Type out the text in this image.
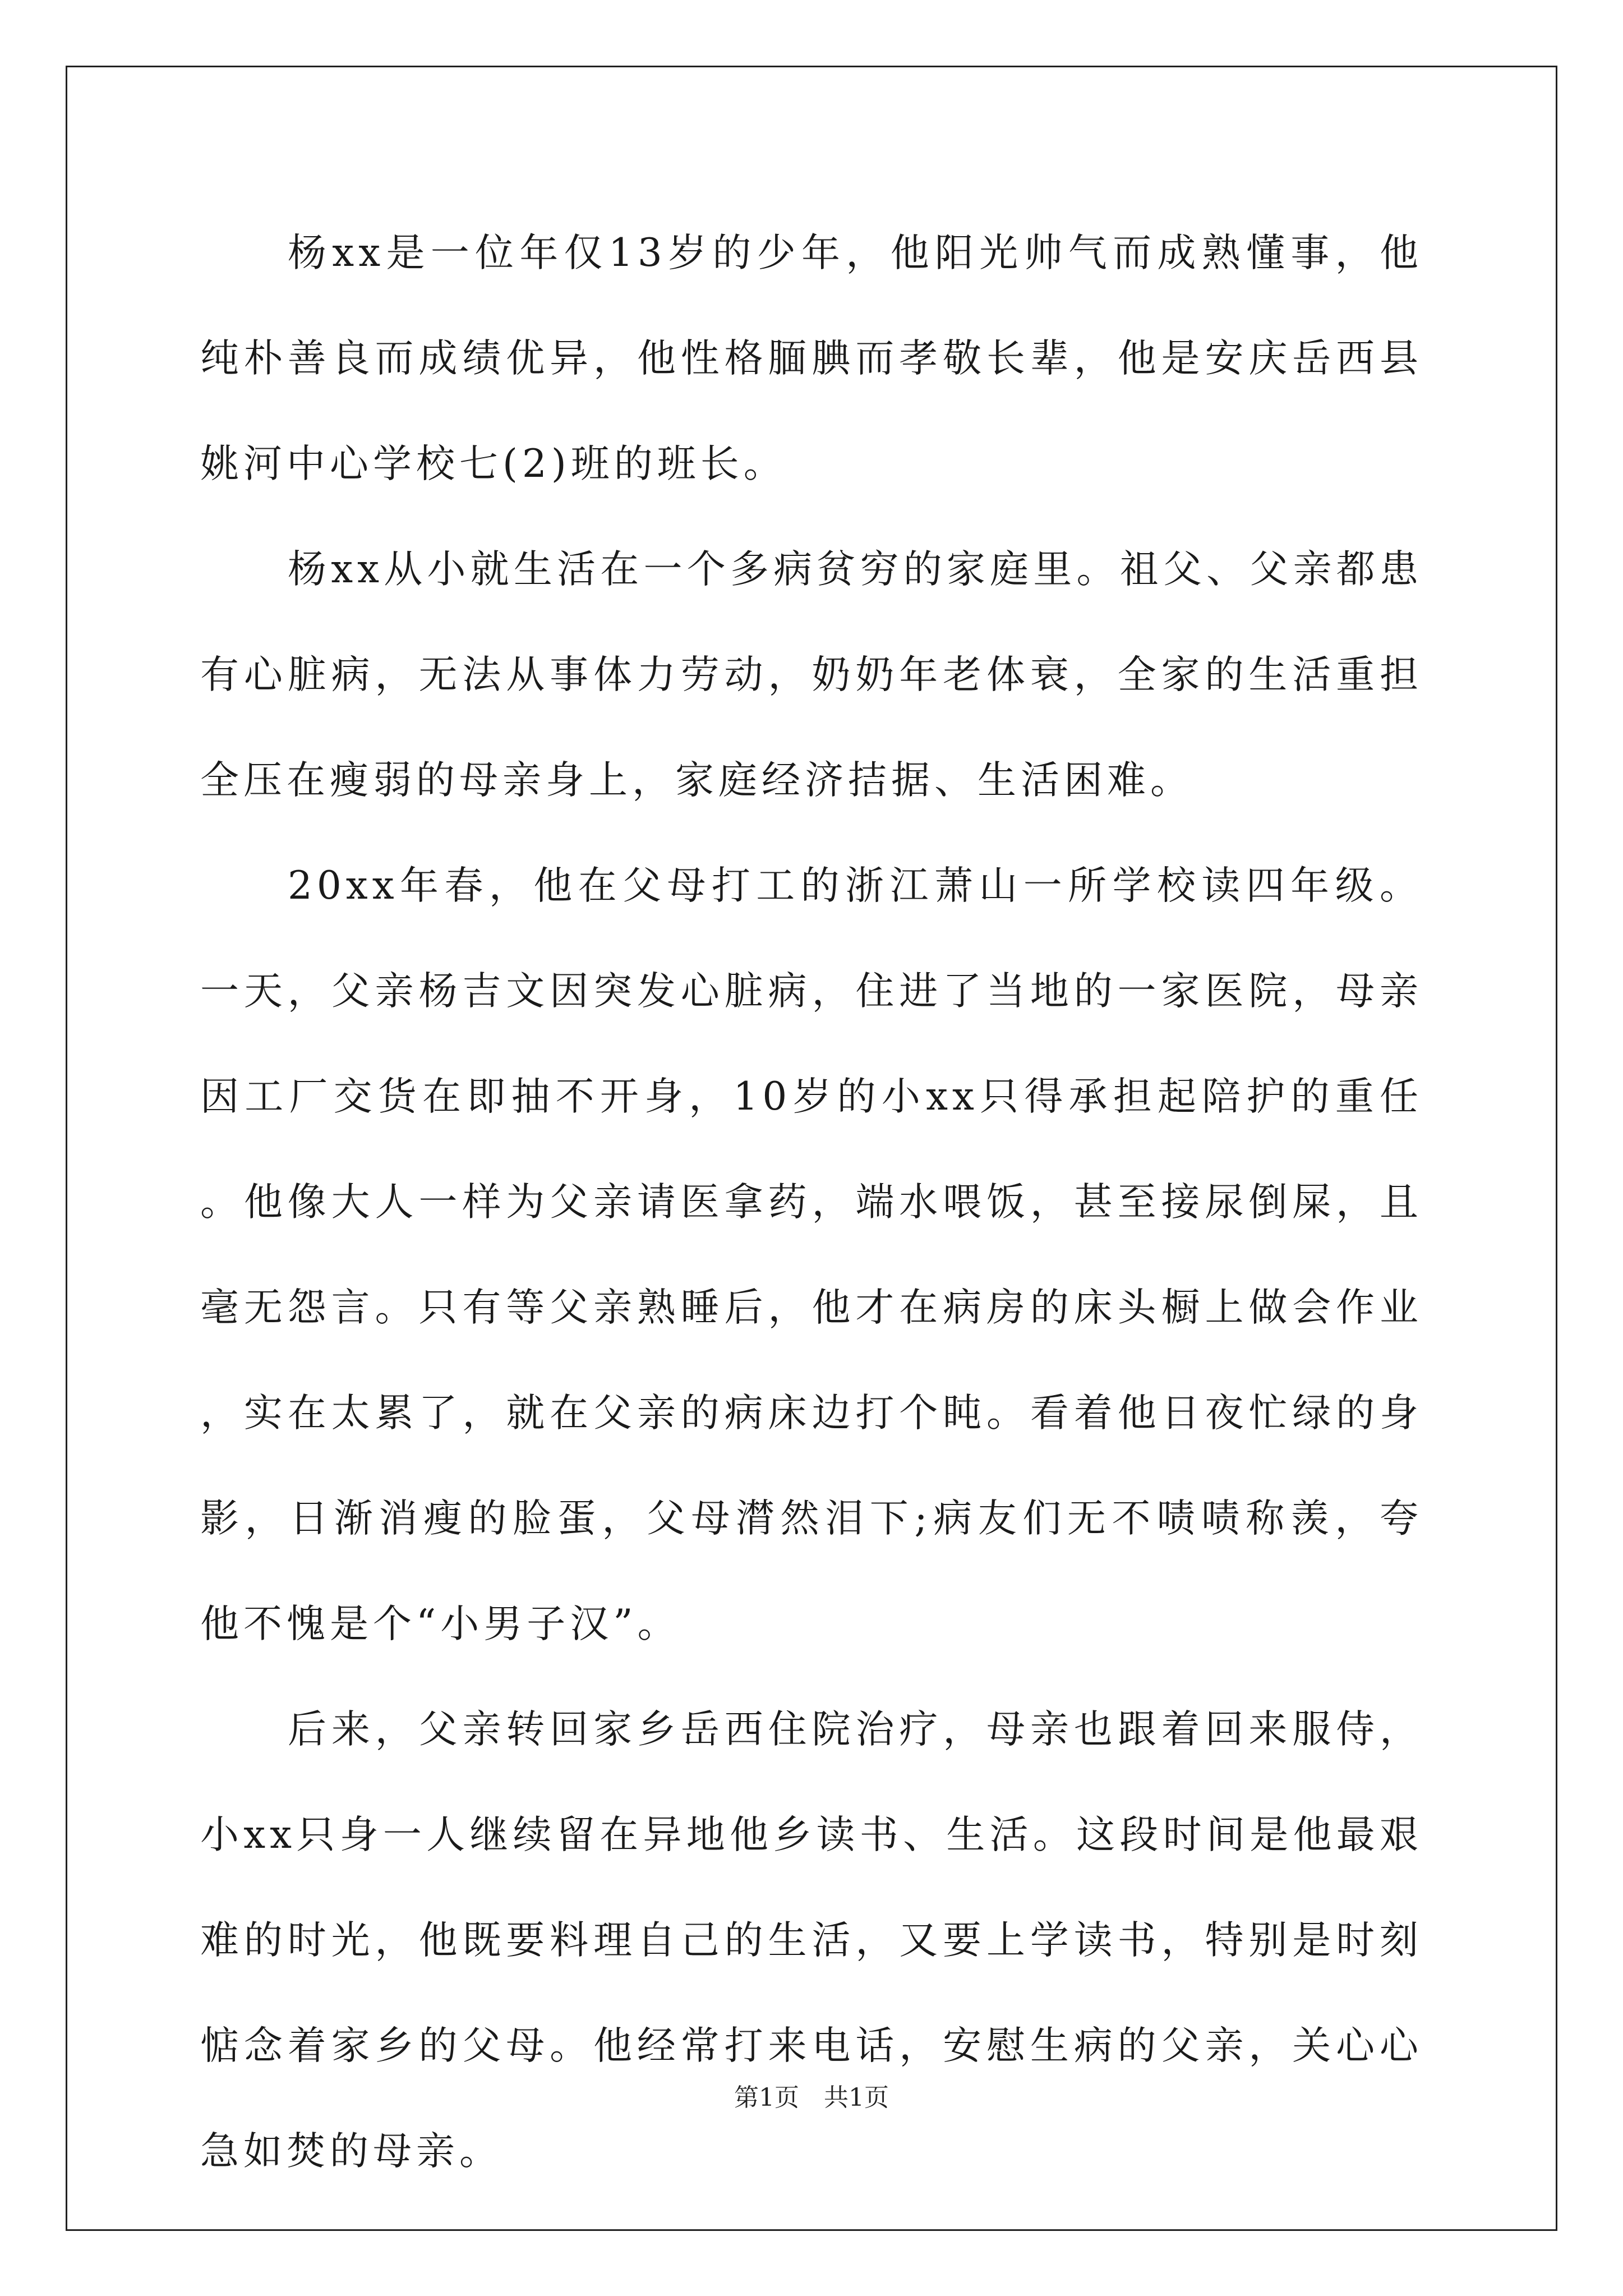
杨xx是一位年仅13岁的少年，他阳光帅气而成熟懂事，他纯朴善良而成绩优异，他性格腼腆而孝敬长辈，他是安庆岳西县姚河中心学校七(2)班的班长。

杨xx从小就生活在一个多病贫穷的家庭里。祖父、父亲都患有心脏病，无法从事体力劳动，奶奶年老体衰，全家的生活重担全压在瘦弱的母亲身上，家庭经济拮据、生活困难。

20xx年春，他在父母打工的浙江萧山一所学校读四年级。一天，父亲杨吉文因突发心脏病，住进了当地的一家医院，母亲因工厂交货在即抽不开身，10岁的小xx只得承担起陪护的重任。他像大人一样为父亲请医拿药，端水喂饭，甚至接尿倒屎，且毫无怨言。只有等父亲熟睡后，他才在病房的床头橱上做会作业，实在太累了，就在父亲的病床边打个盹。看着他日夜忙绿的身影，日渐消瘦的脸蛋，父母潸然泪下;病友们无不啧啧称羡，夸他不愧是个“小男子汉”。

后来，父亲转回家乡岳西住院治疗，母亲也跟着回来服侍，小xx只身一人继续留在异地他乡读书、生活。这段时间是他最艰难的时光，他既要料理自己的生活，又要上学读书，特别是时刻惦念着家乡的父母。他经常打来电话，安慰生病的父亲，关心心急如焚的母亲。

第1页 共1页
